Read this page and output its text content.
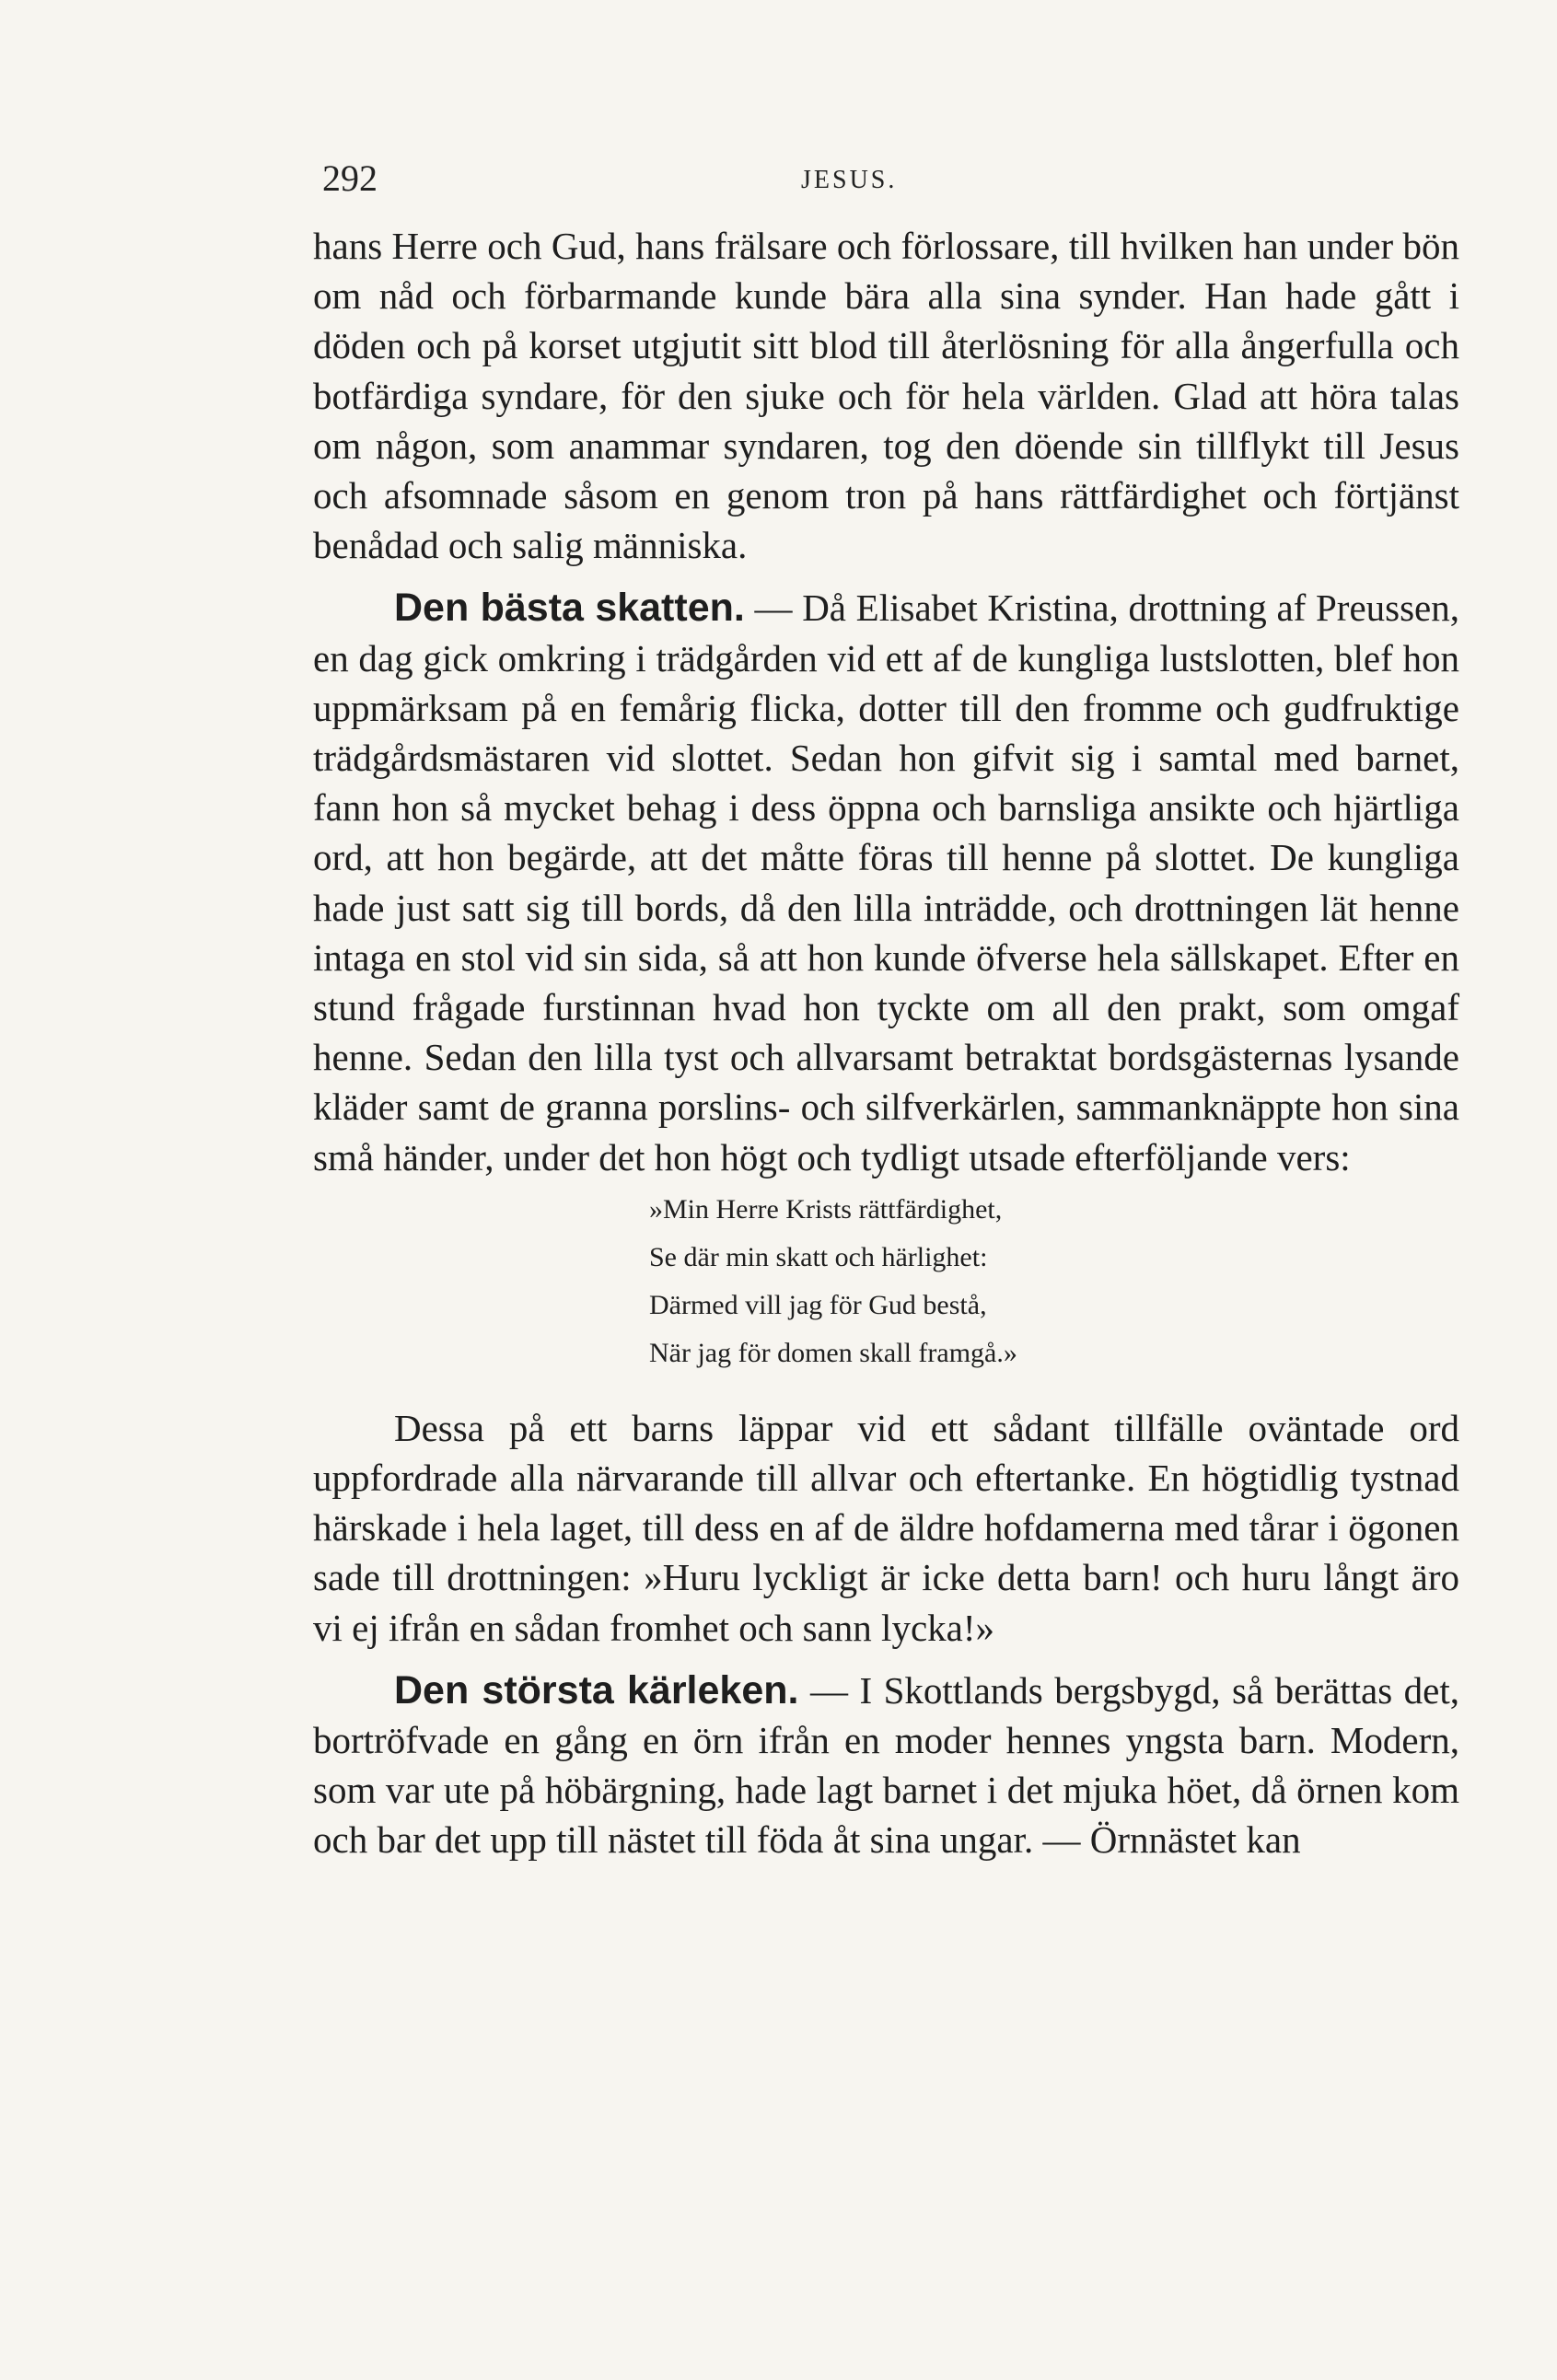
292	JESUS.

hans Herre och Gud, hans frälsare och förlossare, till hvilken han under bön om nåd och förbarmande kunde bära alla sina synder. Han hade gått i döden och på korset utgjutit sitt blod till återlösning för alla ångerfulla och botfärdiga syndare, för den sjuke och för hela världen. Glad att höra talas om någon, som anammar syndaren, tog den döende sin tillflykt till Jesus och afsomnade såsom en genom tron på hans rättfärdighet och förtjänst benådad och salig människa.

Den bästa skatten. — Då Elisabet Kristina, drottning af Preussen, en dag gick omkring i trädgården vid ett af de kungliga lustslotten, blef hon uppmärksam på en femårig flicka, dotter till den fromme och gudfruktige trädgårdsmästaren vid slottet. Sedan hon gifvit sig i samtal med barnet, fann hon så mycket behag i dess öppna och barnsliga ansikte och hjärtliga ord, att hon begärde, att det måtte föras till henne på slottet. De kungliga hade just satt sig till bords, då den lilla inträdde, och drottningen lät henne intaga en stol vid sin sida, så att hon kunde öfverse hela sällskapet. Efter en stund frågade furstinnan hvad hon tyckte om all den prakt, som omgaf henne. Sedan den lilla tyst och allvarsamt betraktat bordsgästernas lysande kläder samt de granna porslins- och silfverkärlen, sammanknäppte hon sina små händer, under det hon högt och tydligt utsade efterföljande vers:

»Min Herre Krists rättfärdighet,
Se där min skatt och härlighet:
Därmed vill jag för Gud bestå,
När jag för domen skall framgå.»

Dessa på ett barns läppar vid ett sådant tillfälle oväntade ord uppfordrade alla närvarande till allvar och eftertanke. En högtidlig tystnad härskade i hela laget, till dess en af de äldre hofdamerna med tårar i ögonen sade till drottningen: »Huru lyckligt är icke detta barn! och huru långt äro vi ej ifrån en sådan fromhet och sann lycka!»

Den största kärleken. — I Skottlands bergsbygd, så berättas det, bortröfvade en gång en örn ifrån en moder hennes yngsta barn. Modern, som var ute på höbärgning, hade lagt barnet i det mjuka höet, då örnen kom och bar det upp till nästet till föda åt sina ungar. — Örnnästet kan
